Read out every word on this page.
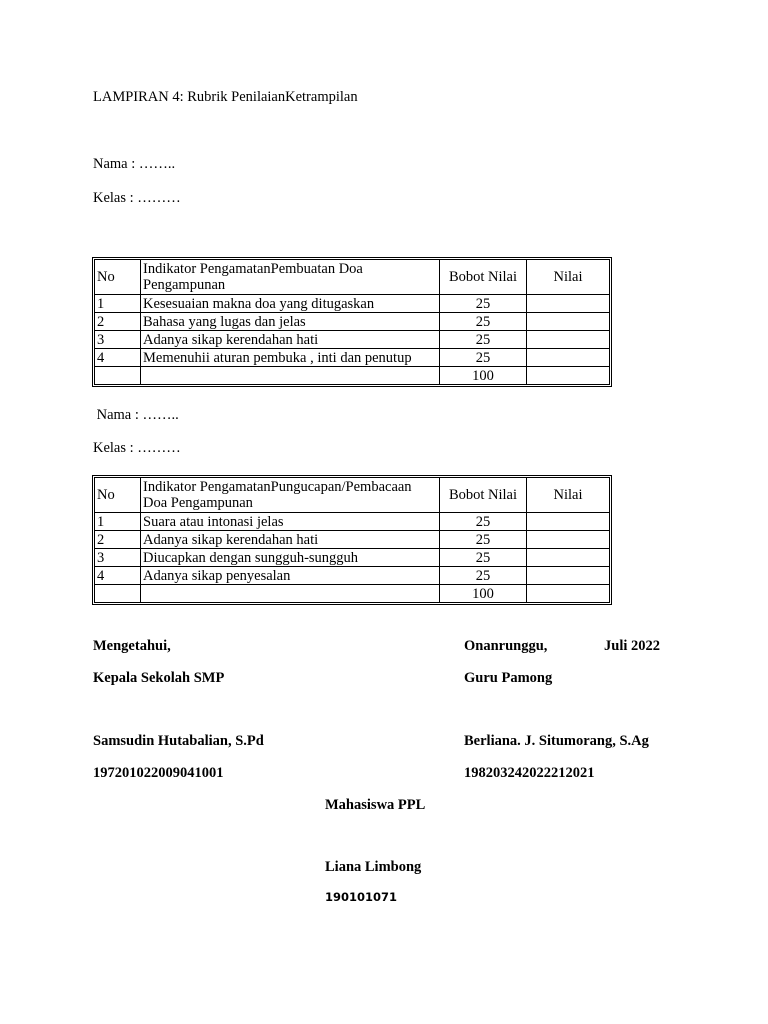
LAMPIRAN 4: Rubrik PenilaianKetrampilan
Nama : ……..
Kelas : ………
No	Indikator PengamatanPembuatan Doa Pengampunan	Bobot Nilai	Nilai
1	Kesesuaian makna doa yang ditugaskan	25	
2	Bahasa yang lugas dan jelas	25	
3	Adanya sikap kerendahan hati	25	
4	Memenuhii aturan pembuka , inti dan penutup	25	
		100	
Nama : ……..
Kelas : ………
No	Indikator PengamatanPungucapan/Pembacaan Doa Pengampunan	Bobot Nilai	Nilai
1	Suara atau intonasi jelas	25	
2	Adanya sikap kerendahan hati	25	
3	Diucapkan dengan sungguh-sungguh	25	
4	Adanya sikap penyesalan	25	
		100	
Mengetahui,	Onanrunggu,	Juli 2022
Kepala Sekolah SMP	Guru Pamong
Samsudin Hutabalian, S.Pd	Berliana. J. Situmorang, S.Ag
197201022009041001	198203242022212021
Mahasiswa PPL
Liana Limbong
190101071
